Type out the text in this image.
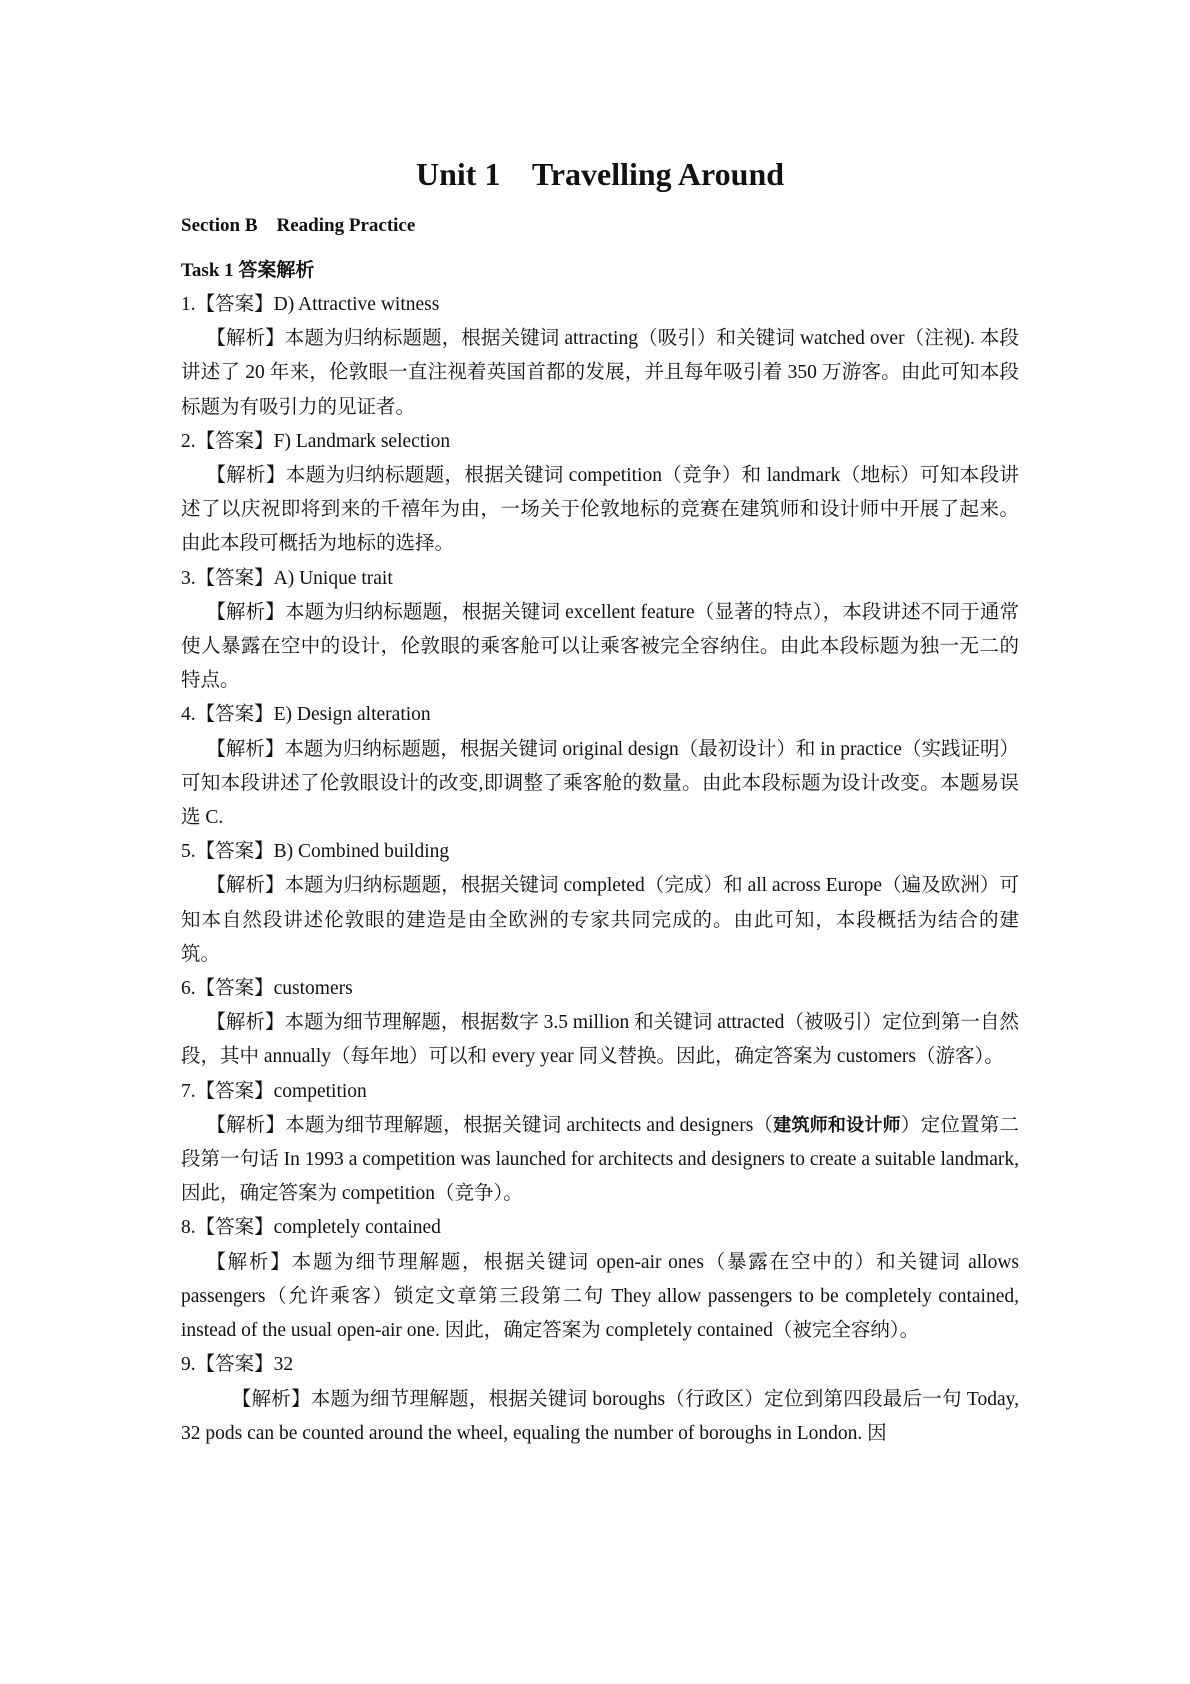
Unit 1    Travelling Around
Section B    Reading Practice
Task 1 答案解析

1.【答案】D) Attractive witness

【解析】本题为归纳标题题，根据关键词 attracting（吸引）和关键词 watched over（注视). 本段讲述了 20 年来，伦敦眼一直注视着英国首都的发展，并且每年吸引着 350 万游客。由此可知本段标题为有吸引力的见证者。

2.【答案】F) Landmark selection

【解析】本题为归纳标题题，根据关键词 competition（竞争）和 landmark（地标）可知本段讲述了以庆祝即将到来的千禧年为由，一场关于伦敦地标的竞赛在建筑师和设计师中开展了起来。由此本段可概括为地标的选择。

3.【答案】A) Unique trait

【解析】本题为归纳标题题，根据关键词 excellent feature（显著的特点），本段讲述不同于通常使人暴露在空中的设计，伦敦眼的乘客舱可以让乘客被完全容纳住。由此本段标题为独一无二的特点。

4.【答案】E) Design alteration

【解析】本题为归纳标题题，根据关键词 original design（最初设计）和 in practice（实践证明）可知本段讲述了伦敦眼设计的改变,即调整了乘客舱的数量。由此本段标题为设计改变。本题易误选 C.

5.【答案】B) Combined building

【解析】本题为归纳标题题，根据关键词 completed（完成）和 all across Europe（遍及欧洲）可知本自然段讲述伦敦眼的建造是由全欧洲的专家共同完成的。由此可知，本段概括为结合的建筑。

6.【答案】customers

【解析】本题为细节理解题，根据数字 3.5 million 和关键词 attracted（被吸引）定位到第一自然段，其中 annually（每年地）可以和 every year 同义替换。因此，确定答案为 customers（游客）。

7.【答案】competition

【解析】本题为细节理解题，根据关键词 architects and designers（建筑师和设计师）定位置第二段第一句话 In 1993 a competition was launched for architects and designers to create a suitable landmark, 因此，确定答案为 competition（竞争）。

8.【答案】completely contained

【解析】本题为细节理解题，根据关键词 open-air ones（暴露在空中的）和关键词 allows passengers（允许乘客）锁定文章第三段第二句 They allow passengers to be completely contained, instead of the usual open-air one. 因此，确定答案为 completely contained（被完全容纳）。

9.【答案】32

【解析】本题为细节理解题，根据关键词 boroughs（行政区）定位到第四段最后一句 Today, 32 pods can be counted around the wheel, equaling the number of boroughs in London. 因
